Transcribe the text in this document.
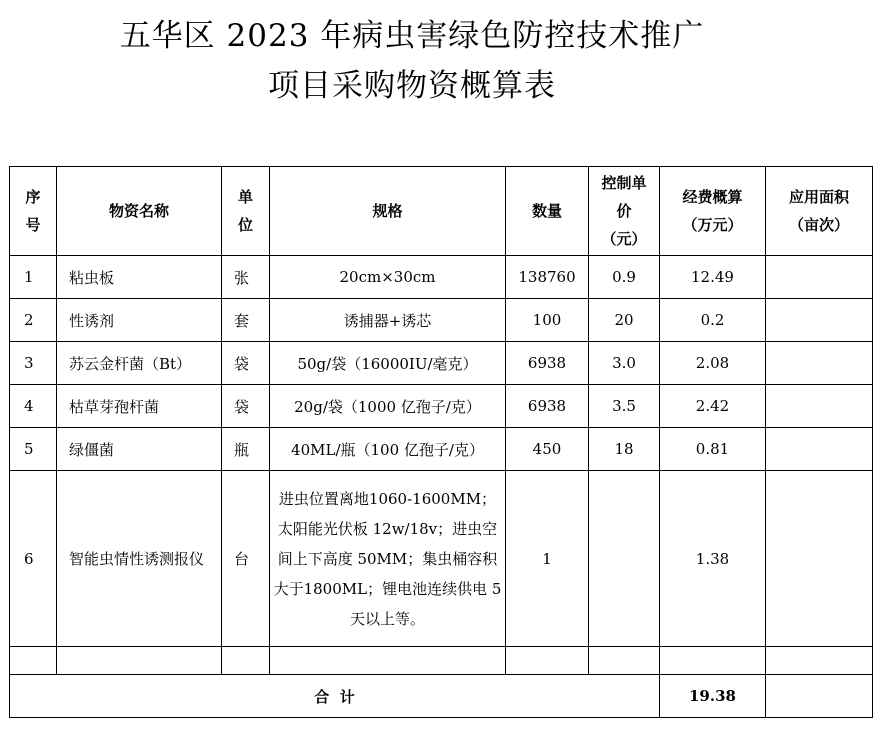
五华区 2023 年病虫害绿色防控技术推广
项目采购物资概算表
序号	物资名称	单位	规格	数量	控制单价（元）	经费概算（万元）	应用面积（亩次）
1	粘虫板	张	20cm×30cm	138760	0.9	12.49	
2	性诱剂	套	诱捕器+诱芯	100	20	0.2	
3	苏云金杆菌（Bt）	袋	50g/袋（16000IU/毫克）	6938	3.0	2.08	
4	枯草芽孢杆菌	袋	20g/袋（1000 亿孢子/克）	6938	3.5	2.42	
5	绿僵菌	瓶	40ML/瓶（100 亿孢子/克）	450	18	0.81	
6	智能虫情性诱测报仪	台	进虫位置离地1060-1600MM；太阳能光伏板 12w/18v；进虫空间上下高度 50MM；集虫桶容积大于1800ML；锂电池连续供电 5 天以上等。	1		1.38	

合  计						19.38	
